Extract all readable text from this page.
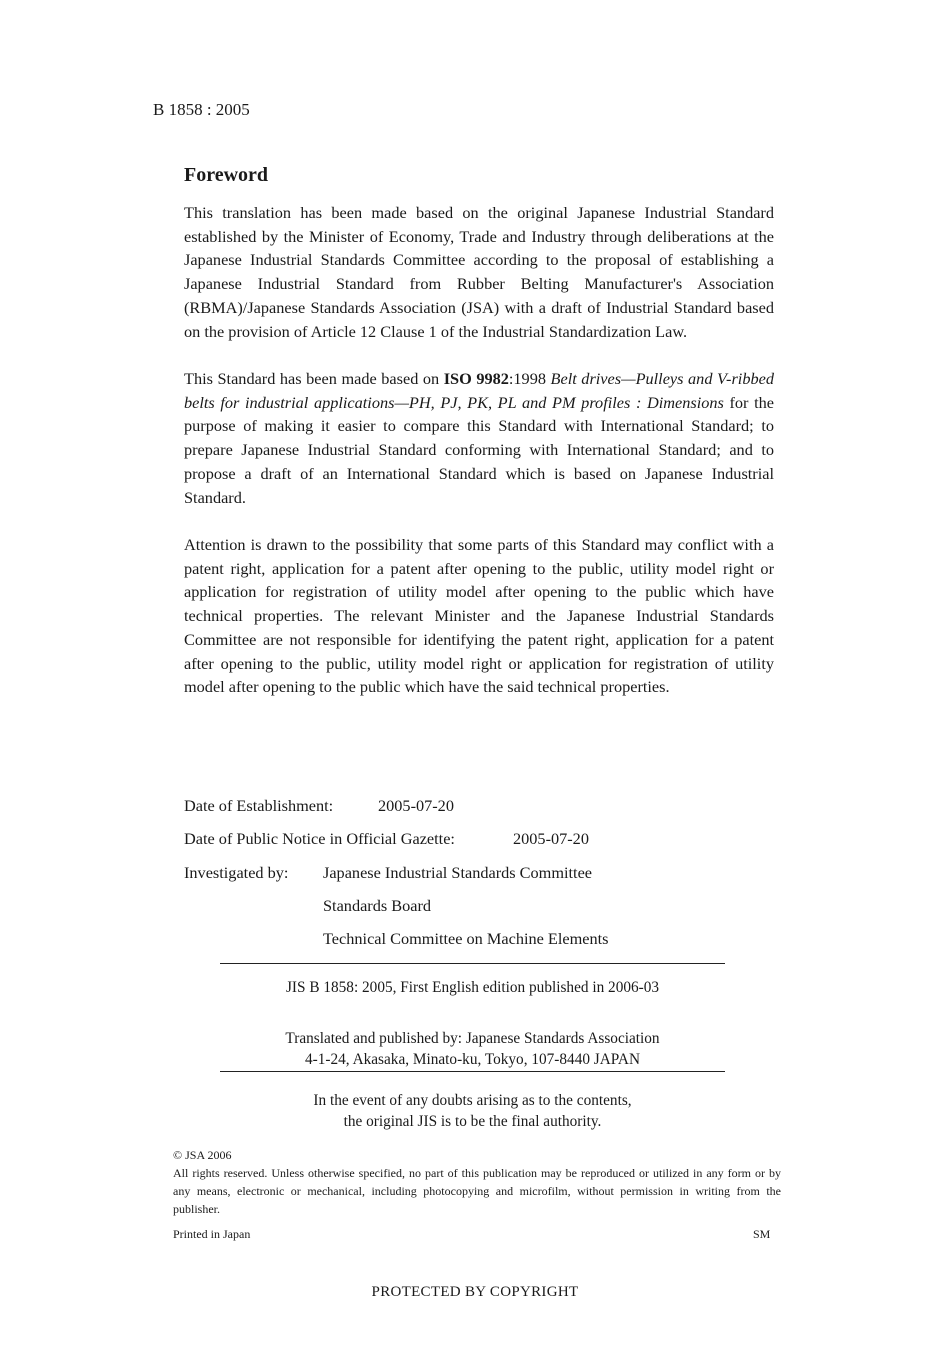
B 1858 : 2005
Foreword
This translation has been made based on the original Japanese Industrial Standard established by the Minister of Economy, Trade and Industry through deliberations at the Japanese Industrial Standards Committee according to the proposal of establishing a Japanese Industrial Standard from Rubber Belting Manufacturer's Association (RBMA)/Japanese Standards Association (JSA) with a draft of Industrial Standard based on the provision of Article 12 Clause 1 of the Industrial Standardization Law.
This Standard has been made based on ISO 9982:1998 Belt drives—Pulleys and V-ribbed belts for industrial applications—PH, PJ, PK, PL and PM profiles : Dimensions for the purpose of making it easier to compare this Standard with International Standard; to prepare Japanese Industrial Standard conforming with International Standard; and to propose a draft of an International Standard which is based on Japanese Industrial Standard.
Attention is drawn to the possibility that some parts of this Standard may conflict with a patent right, application for a patent after opening to the public, utility model right or application for registration of utility model after opening to the public which have technical properties. The relevant Minister and the Japanese Industrial Standards Committee are not responsible for identifying the patent right, application for a patent after opening to the public, utility model right or application for registration of utility model after opening to the public which have the said technical properties.
Date of Establishment:	2005-07-20
Date of Public Notice in Official Gazette:	2005-07-20
Investigated by: Japanese Industrial Standards Committee
Standards Board
Technical Committee on Machine Elements
JIS B 1858: 2005, First English edition published in 2006-03
Translated and published by: Japanese Standards Association
4-1-24, Akasaka, Minato-ku, Tokyo, 107-8440 JAPAN
In the event of any doubts arising as to the contents,
the original JIS is to be the final authority.
© JSA 2006
All rights reserved. Unless otherwise specified, no part of this publication may be reproduced or utilized in any form or by any means, electronic or mechanical, including photocopying and microfilm, without permission in writing from the publisher.
Printed in Japan	SM
PROTECTED BY COPYRIGHT
